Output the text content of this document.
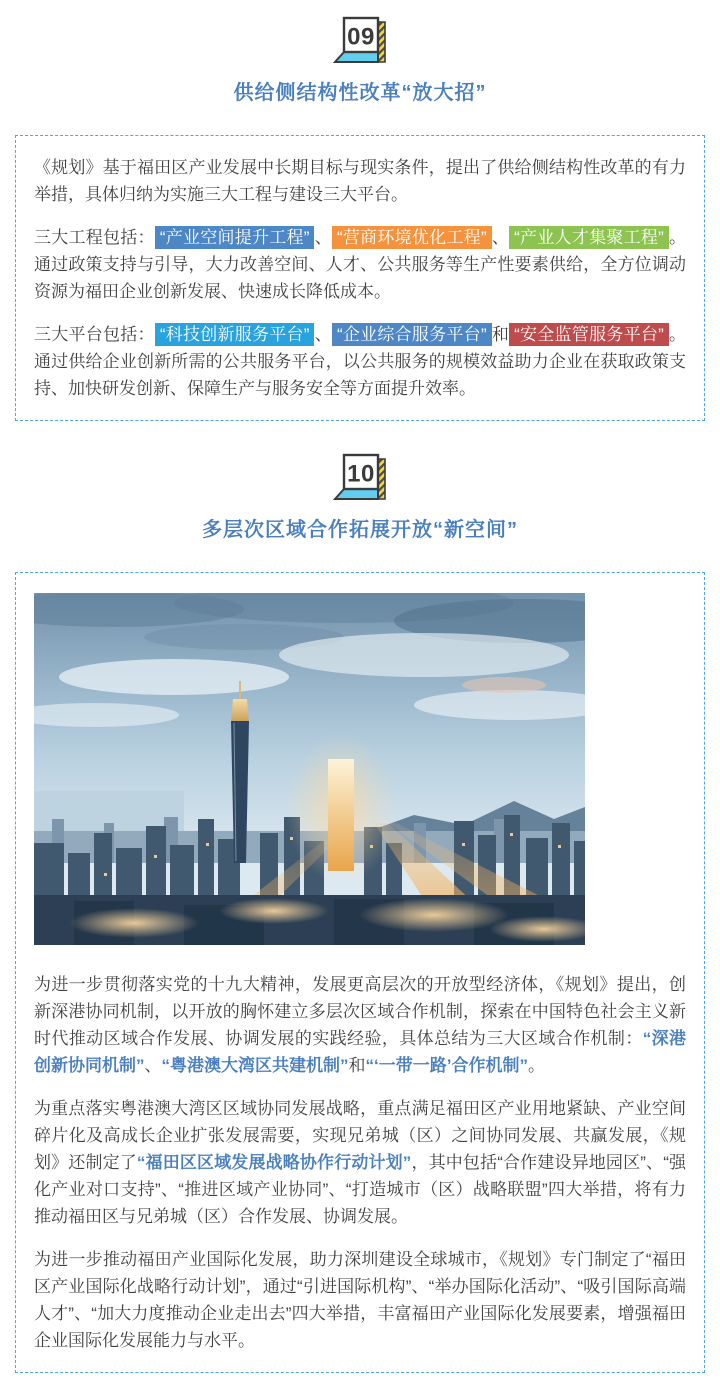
09
供给侧结构性改革“放大招”

《规划》基于福田区产业发展中长期目标与现实条件，提出了供给侧结构性改革的有力举措，具体归纳为实施三大工程与建设三大平台。

三大工程包括： “产业空间提升工程” 、 “营商环境优化工程” 、 “产业人才集聚工程” 。通过政策支持与引导，大力改善空间、人才、公共服务等生产性要素供给，全方位调动资源为福田企业创新发展、快速成长降低成本。

三大平台包括： “科技创新服务平台” 、 “企业综合服务平台” 和 “安全监管服务平台” 。通过供给企业创新所需的公共服务平台，以公共服务的规模效益助力企业在获取政策支持、加快研发创新、保障生产与服务安全等方面提升效率。

10
多层次区域合作拓展开放“新空间”

为进一步贯彻落实党的十九大精神，发展更高层次的开放型经济体，《规划》提出，创新深港协同机制，以开放的胸怀建立多层次区域合作机制，探索在中国特色社会主义新时代推动区域合作发展、协调发展的实践经验，具体总结为三大区域合作机制：“深港创新协同机制”、“粤港澳大湾区共建机制”和“‘一带一路’合作机制”。

为重点落实粤港澳大湾区区域协同发展战略，重点满足福田区产业用地紧缺、产业空间碎片化及高成长企业扩张发展需要，实现兄弟城（区）之间协同发展、共赢发展，《规划》还制定了“福田区区域发展战略协作行动计划”，其中包括“合作建设异地园区”、“强化产业对口支持”、“推进区域产业协同”、“打造城市（区）战略联盟”四大举措，将有力推动福田区与兄弟城（区）合作发展、协调发展。

为进一步推动福田产业国际化发展，助力深圳建设全球城市，《规划》专门制定了“福田区产业国际化战略行动计划”，通过“引进国际机构”、“举办国际化活动”、“吸引国际高端人才”、“加大力度推动企业走出去”四大举措，丰富福田产业国际化发展要素，增强福田企业国际化发展能力与水平。
